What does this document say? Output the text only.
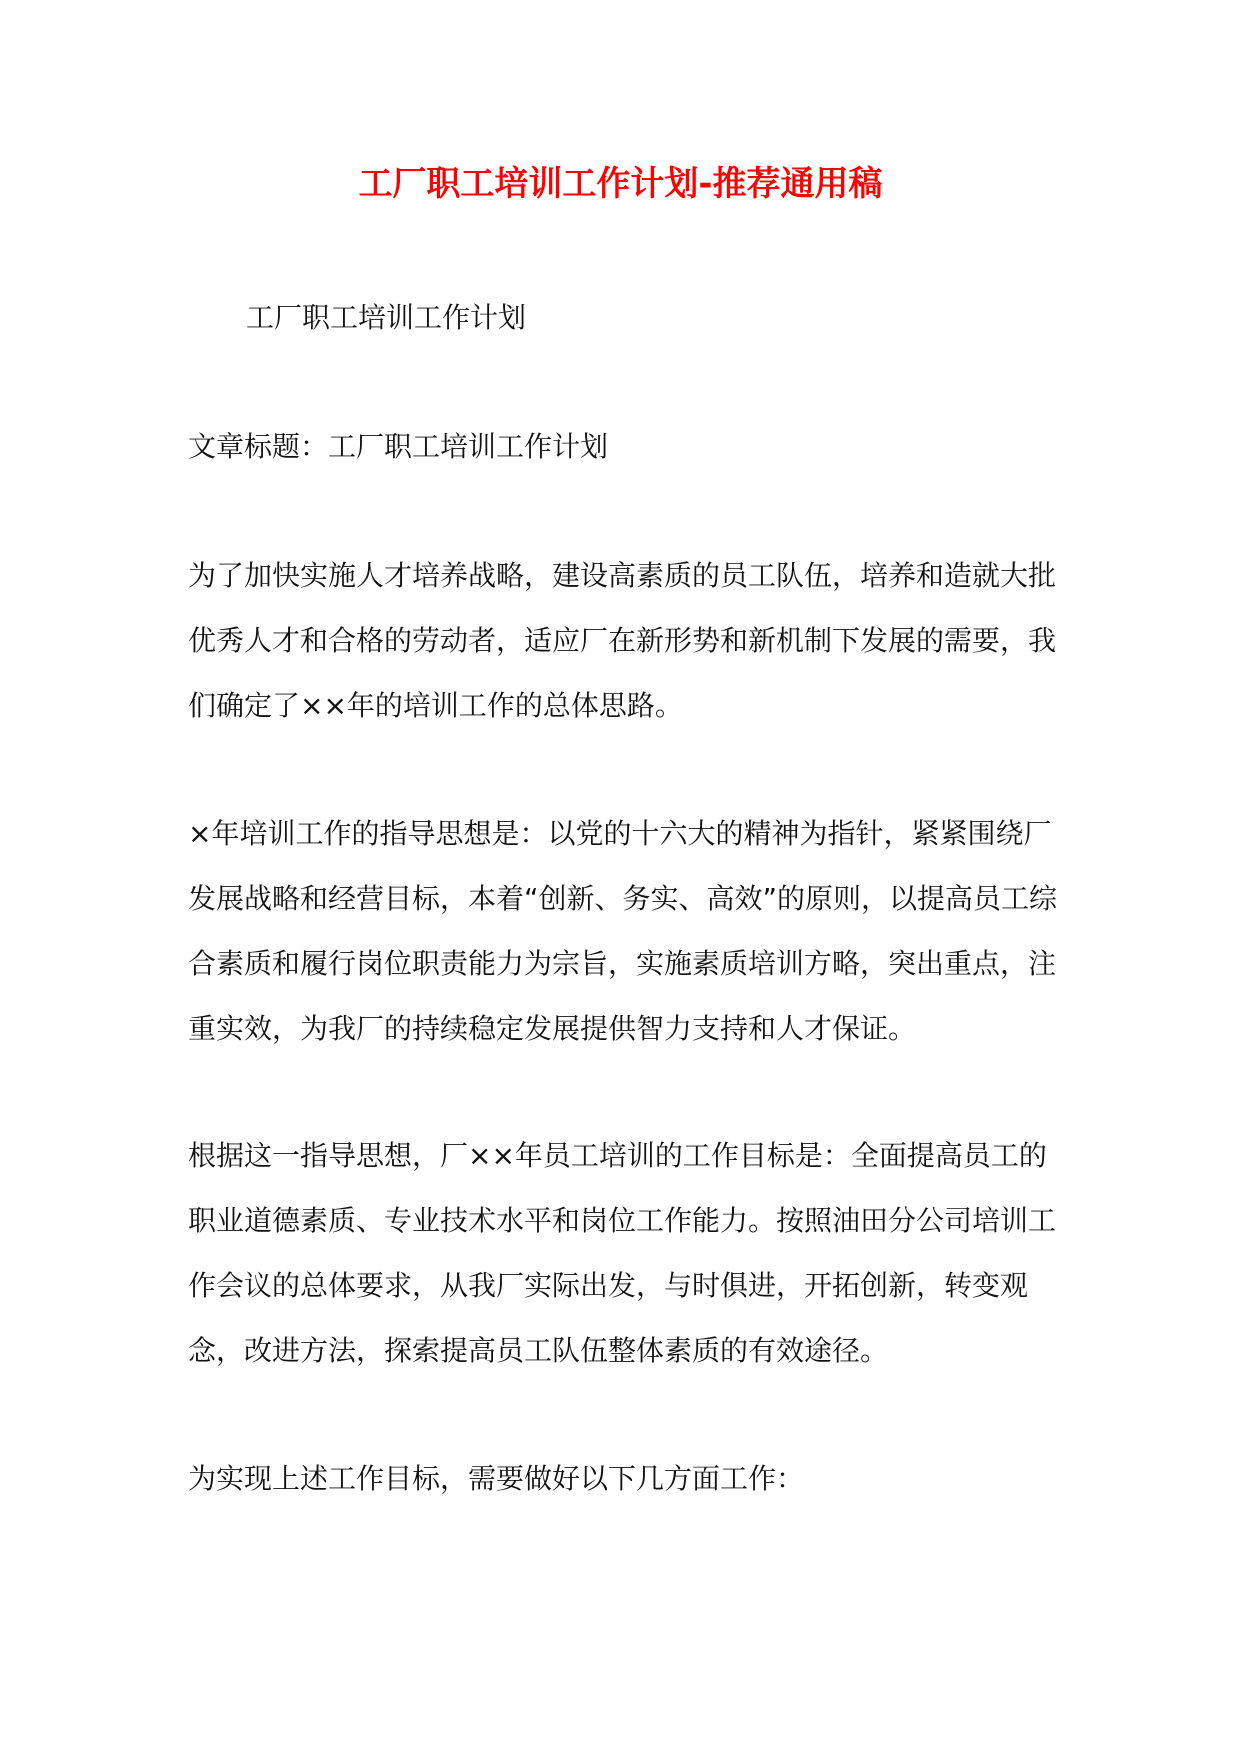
工厂职工培训工作计划-推荐通用稿

工厂职工培训工作计划

文章标题：工厂职工培训工作计划

为了加快实施人才培养战略，建设高素质的员工队伍，培养和造就大批优秀人才和合格的劳动者，适应厂在新形势和新机制下发展的需要，我们确定了××年的培训工作的总体思路。

×年培训工作的指导思想是：以党的十六大的精神为指针，紧紧围绕厂发展战略和经营目标，本着“创新、务实、高效”的原则，以提高员工综合素质和履行岗位职责能力为宗旨，实施素质培训方略，突出重点，注重实效，为我厂的持续稳定发展提供智力支持和人才保证。

根据这一指导思想，厂××年员工培训的工作目标是：全面提高员工的职业道德素质、专业技术水平和岗位工作能力。按照油田分公司培训工作会议的总体要求，从我厂实际出发，与时俱进，开拓创新，转变观念，改进方法，探索提高员工队伍整体素质的有效途径。

为实现上述工作目标，需要做好以下几方面工作：
